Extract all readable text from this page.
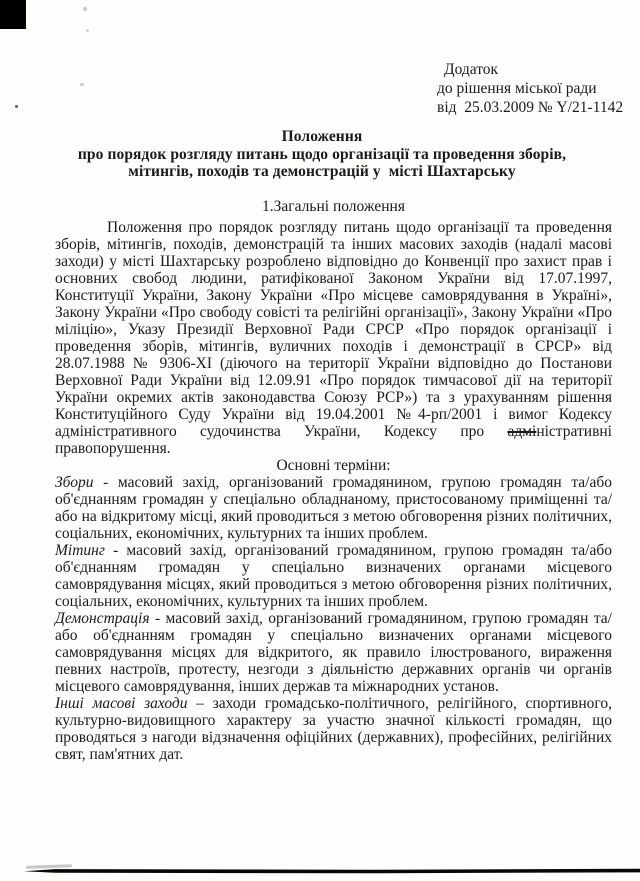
Додаток
до рішення міської ради
від  25.03.2009 № Y/21-1142
Положення
про порядок розгляду питань щодо організації та проведення зборів,
мітингів, походів та демонстрацій у  місті Шахтарську
1.Загальні положення

Положення про порядок розгляду питань щодо організації та проведення зборів, мітингів, походів, демонстрацій та інших масових заходів (надалі масові заходи) у місті Шахтарську розроблено відповідно до Конвенції про захист прав і основних свобод людини, ратифікованої Законом України від 17.07.1997, Конституції України, Закону України «Про місцеве самоврядування в Україні», Закону України «Про свободу совісті та релігійні організації», Закону України «Про міліцію», Указу Президії Верховної Ради СРСР «Про порядок організації і проведення зборів, мітингів, вуличних походів і демонстрації в СРСР» від 28.07.1988 № 9306-XI (діючого на території України відповідно до Постанови Верховної Ради України від 12.09.91 «Про порядок тимчасової дії на території України окремих актів законодавства Союзу РСР») та з урахуванням рішення Конституційного Суду України від 19.04.2001 №4-рп/2001 і вимог Кодексу адміністративного судочинства України, Кодексу про адміністративні правопорушення.

Основні терміни:

Збори - масовий захід, організований громадянином, групою громадян та/або об'єднанням громадян у спеціально обладнаному, пристосованому приміщенні та/або на відкритому місці, який проводиться з метою обговорення різних політичних, соціальних, економічних, культурних та інших проблем.

Мітинг - масовий захід, організований громадянином, групою громадян та/або об'єднанням громадян у спеціально визначених органами місцевого самоврядування місцях, який проводиться з метою обговорення різних політичних, соціальних, економічних, культурних та інших проблем.

Демонстрація - масовий захід, організований громадянином, групою громадян та/або об'єднанням громадян у спеціально визначених органами місцевого самоврядування місцях для відкритого, як правило ілюстрованого, вираження певних настроїв, протесту, незгоди з діяльністю державних органів чи органів місцевого самоврядування, інших держав та міжнародних установ.

Інші масові заходи – заходи громадсько-політичного, релігійного, спортивного, культурно-видовищного характеру за участю значної кількості громадян, що проводяться з нагоди відзначення офіційних (державних), професійних, релігійних свят, пам'ятних дат.
